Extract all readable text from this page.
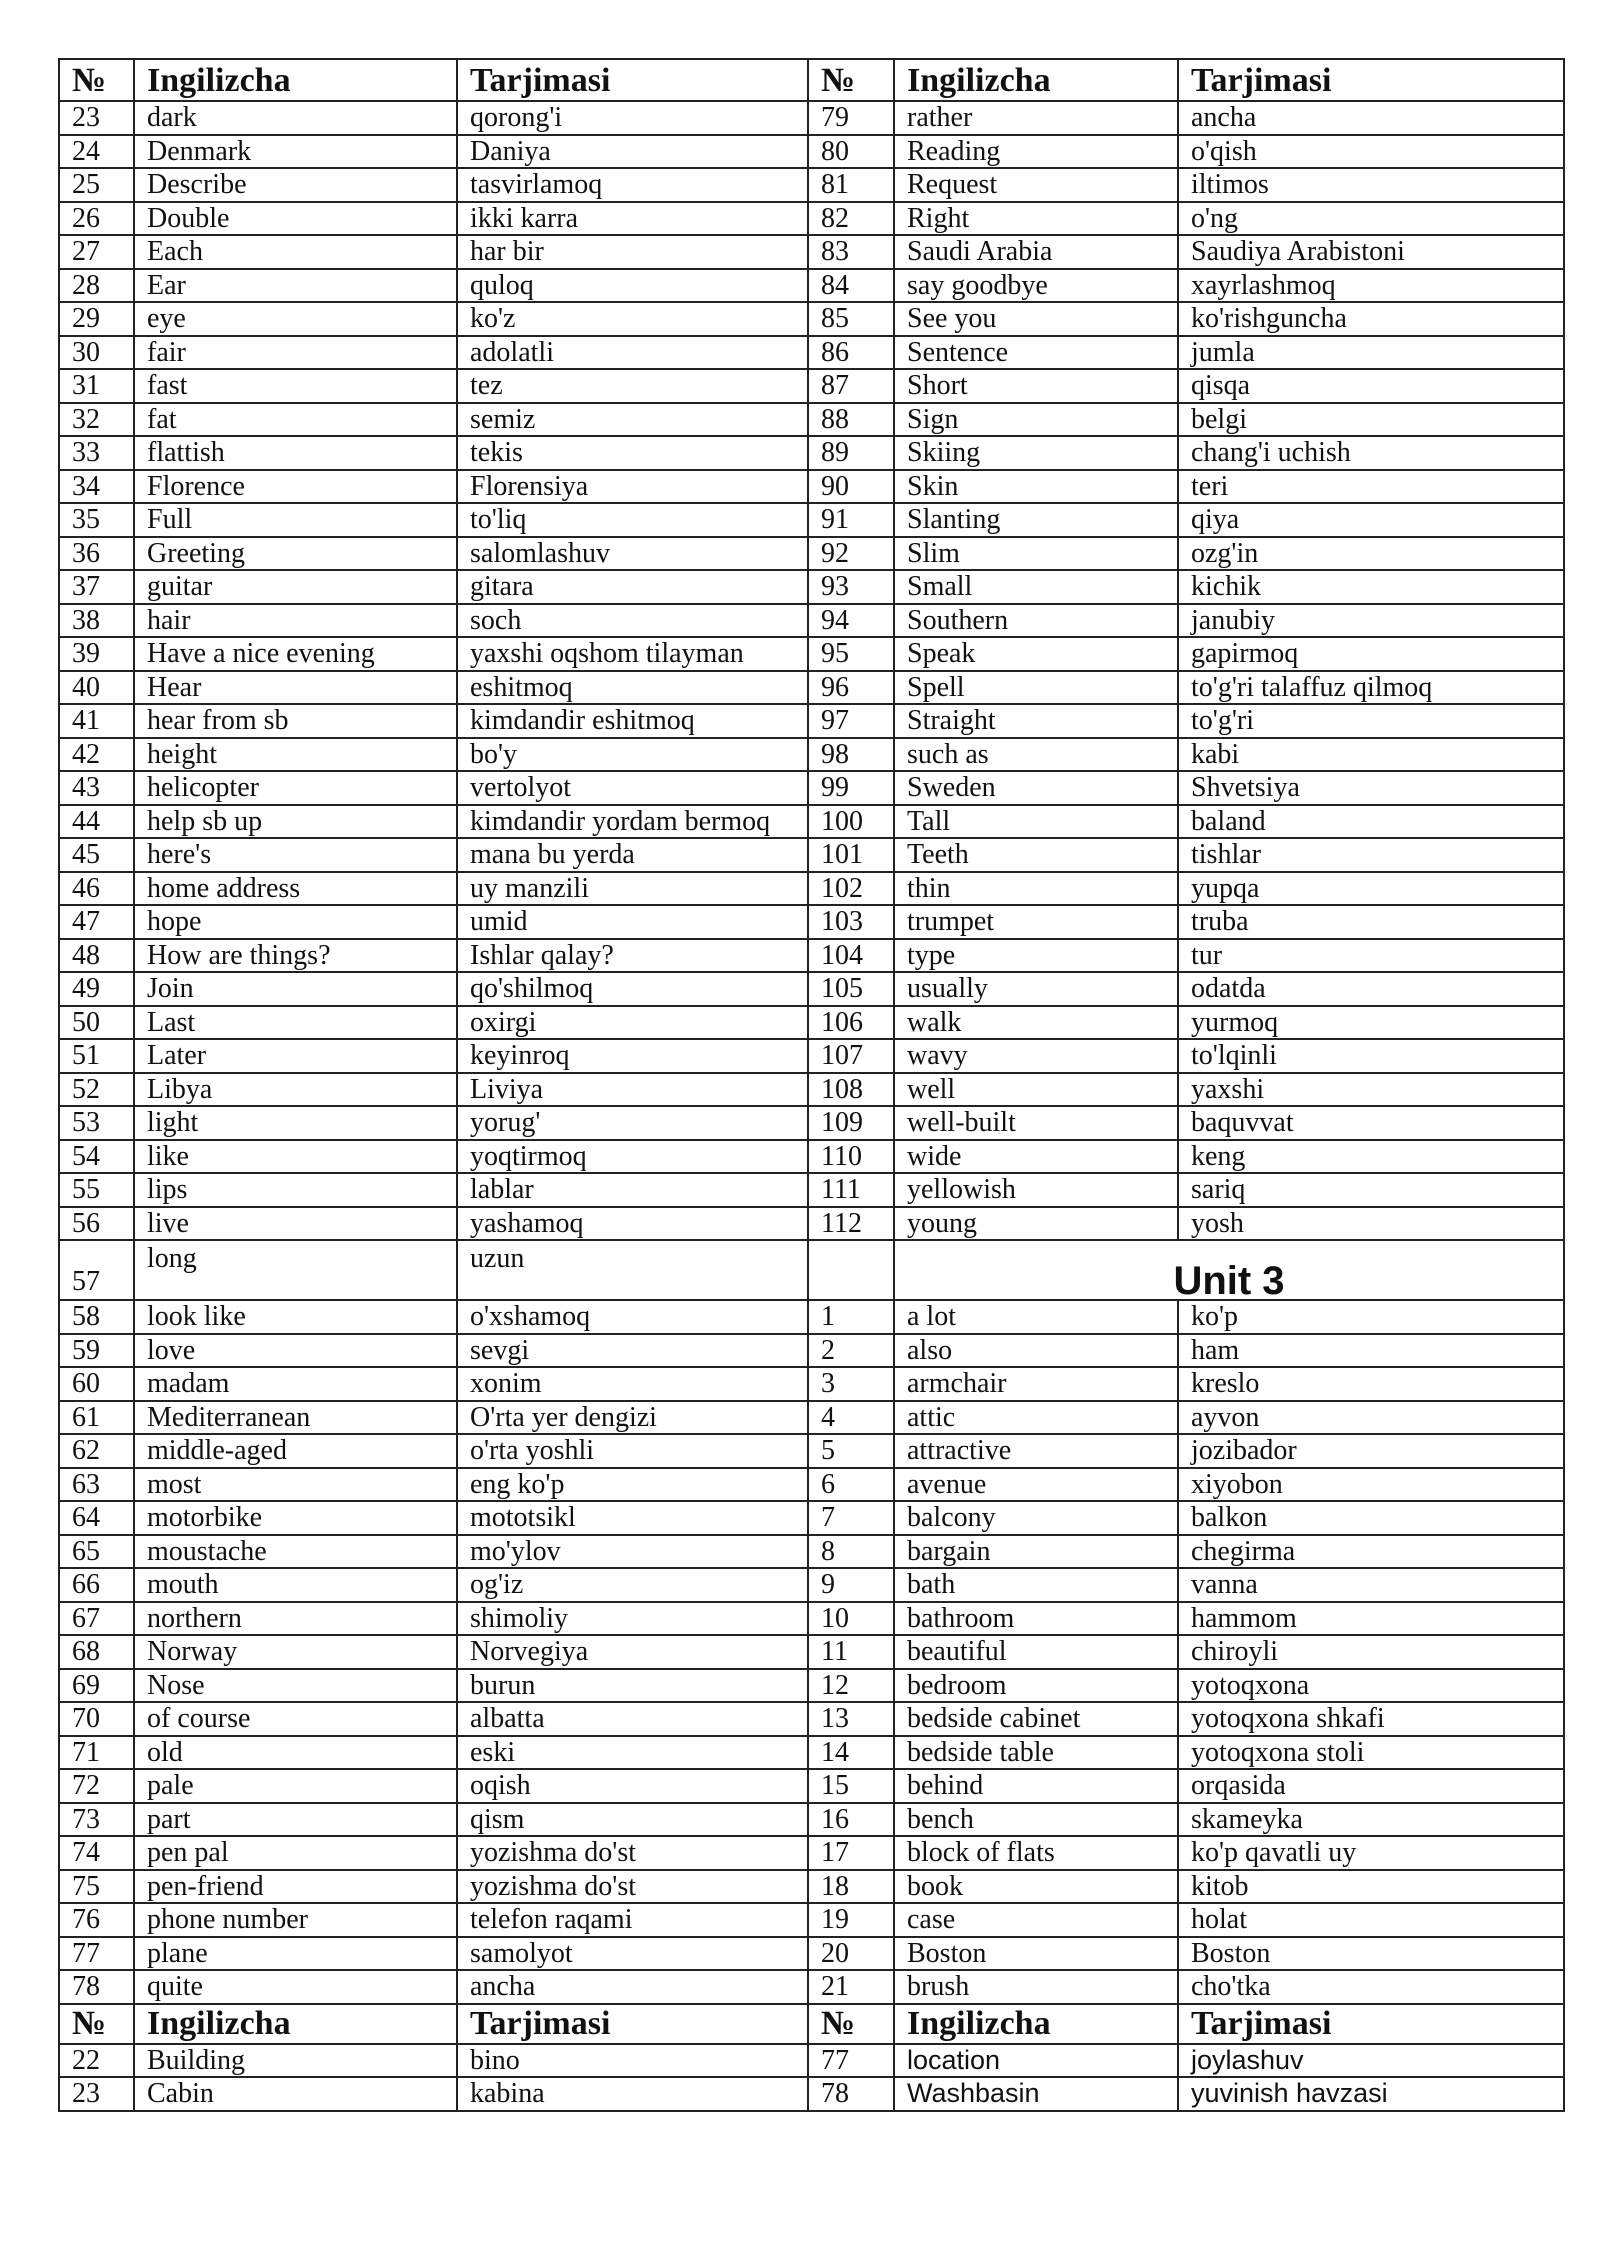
№	Ingilizcha	Tarjimasi	№	Ingilizcha	Tarjimasi
23	dark	qorong'i	79	rather	ancha
24	Denmark	Daniya	80	Reading	o'qish
25	Describe	tasvirlamoq	81	Request	iltimos
26	Double	ikki karra	82	Right	o'ng
27	Each	har bir	83	Saudi Arabia	Saudiya Arabistoni
28	Ear	quloq	84	say goodbye	xayrlashmoq
29	eye	ko'z	85	See you	ko'rishguncha
30	fair	adolatli	86	Sentence	jumla
31	fast	tez	87	Short	qisqa
32	fat	semiz	88	Sign	belgi
33	flattish	tekis	89	Skiing	chang'i uchish
34	Florence	Florensiya	90	Skin	teri
35	Full	to'liq	91	Slanting	qiya
36	Greeting	salomlashuv	92	Slim	ozg'in
37	guitar	gitara	93	Small	kichik
38	hair	soch	94	Southern	janubiy
39	Have a nice evening	yaxshi oqshom tilayman	95	Speak	gapirmoq
40	Hear	eshitmoq	96	Spell	to'g'ri talaffuz qilmoq
41	hear from sb	kimdandir eshitmoq	97	Straight	to'g'ri
42	height	bo'y	98	such as	kabi
43	helicopter	vertolyot	99	Sweden	Shvetsiya
44	help sb up	kimdandir yordam bermoq	100	Tall	baland
45	here's	mana bu yerda	101	Teeth	tishlar
46	home address	uy manzili	102	thin	yupqa
47	hope	umid	103	trumpet	truba
48	How are things?	Ishlar qalay?	104	type	tur
49	Join	qo'shilmoq	105	usually	odatda
50	Last	oxirgi	106	walk	yurmoq
51	Later	keyinroq	107	wavy	to'lqinli
52	Libya	Liviya	108	well	yaxshi
53	light	yorug'	109	well-built	baquvvat
54	like	yoqtirmoq	110	wide	keng
55	lips	lablar	111	yellowish	sariq
56	live	yashamoq	112	young	yosh
57	long	uzun		Unit 3	
58	look like	o'xshamoq	1	a lot	ko'p
59	love	sevgi	2	also	ham
60	madam	xonim	3	armchair	kreslo
61	Mediterranean	O'rta yer dengizi	4	attic	ayvon
62	middle-aged	o'rta yoshli	5	attractive	jozibador
63	most	eng ko'p	6	avenue	xiyobon
64	motorbike	mototsikl	7	balcony	balkon
65	moustache	mo'ylov	8	bargain	chegirma
66	mouth	og'iz	9	bath	vanna
67	northern	shimoliy	10	bathroom	hammom
68	Norway	Norvegiya	11	beautiful	chiroyli
69	Nose	burun	12	bedroom	yotoqxona
70	of course	albatta	13	bedside cabinet	yotoqxona shkafi
71	old	eski	14	bedside table	yotoqxona stoli
72	pale	oqish	15	behind	orqasida
73	part	qism	16	bench	skameyka
74	pen pal	yozishma do'st	17	block of flats	ko'p qavatli uy
75	pen-friend	yozishma do'st	18	book	kitob
76	phone number	telefon raqami	19	case	holat
77	plane	samolyot	20	Boston	Boston
78	quite	ancha	21	brush	cho'tka
№	Ingilizcha	Tarjimasi	№	Ingilizcha	Tarjimasi
22	Building	bino	77	location	joylashuv
23	Cabin	kabina	78	Washbasin	yuvinish havzasi
